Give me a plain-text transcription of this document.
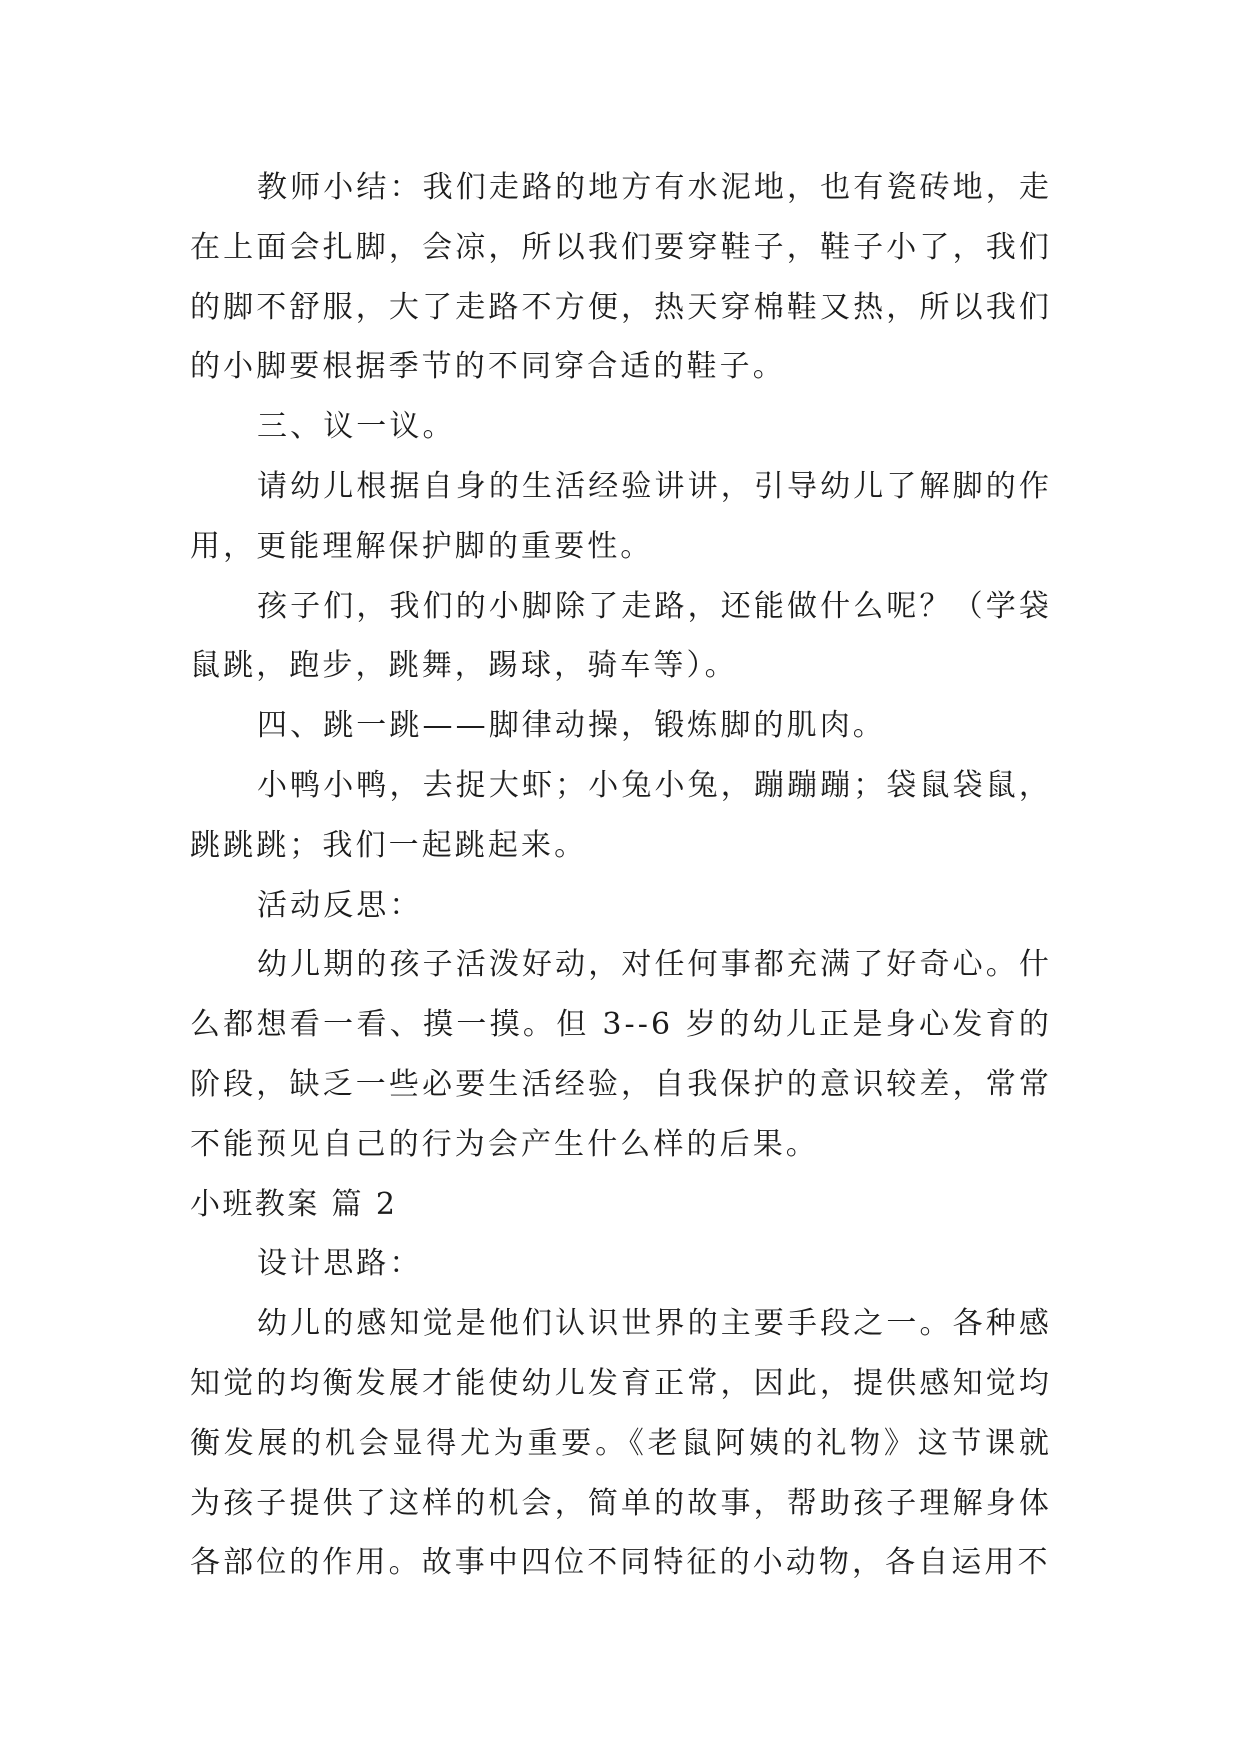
教师小结：我们走路的地方有水泥地，也有瓷砖地，走在上面会扎脚，会凉，所以我们要穿鞋子，鞋子小了，我们的脚不舒服，大了走路不方便，热天穿棉鞋又热，所以我们的小脚要根据季节的不同穿合适的鞋子。

三、议一议。

请幼儿根据自身的生活经验讲讲，引导幼儿了解脚的作用，更能理解保护脚的重要性。

孩子们，我们的小脚除了走路，还能做什么呢？（学袋鼠跳，跑步，跳舞，踢球，骑车等）。

四、跳一跳——脚律动操，锻炼脚的肌肉。

小鸭小鸭，去捉大虾；小兔小兔，蹦蹦蹦；袋鼠袋鼠，跳跳跳；我们一起跳起来。

活动反思：

幼儿期的孩子活泼好动，对任何事都充满了好奇心。什么都想看一看、摸一摸。但 3--6 岁的幼儿正是身心发育的阶段，缺乏一些必要生活经验，自我保护的意识较差，常常不能预见自己的行为会产生什么样的后果。

小班教案 篇 2

设计思路：

幼儿的感知觉是他们认识世界的主要手段之一。各种感知觉的均衡发展才能使幼儿发育正常，因此，提供感知觉均衡发展的机会显得尤为重要。《老鼠阿姨的礼物》这节课就为孩子提供了这样的机会，简单的故事，帮助孩子理解身体各部位的作用。故事中四位不同特征的小动物，各自运用不
